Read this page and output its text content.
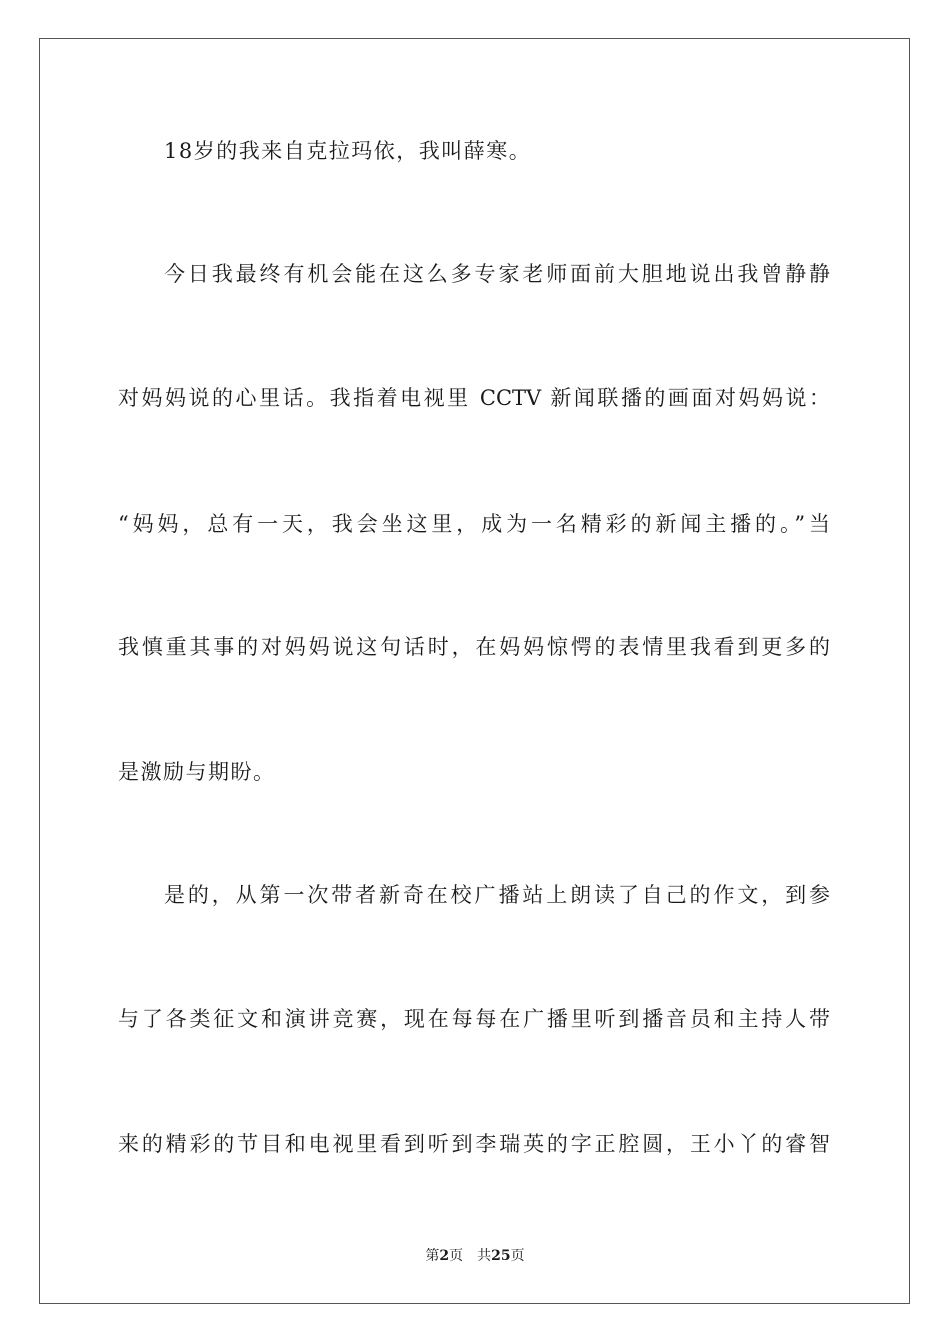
18岁的我来自克拉玛依，我叫薛寒。
今日我最终有机会能在这么多专家老师面前大胆地说出我曾静静
对妈妈说的心里话。我指着电视里 CCTV 新闻联播的画面对妈妈说：
“妈妈，总有一天，我会坐这里，成为一名精彩的新闻主播的。”当
我慎重其事的对妈妈说这句话时，在妈妈惊愕的表情里我看到更多的
是激励与期盼。
是的，从第一次带者新奇在校广播站上朗读了自己的作文，到参
与了各类征文和演讲竞赛，现在每每在广播里听到播音员和主持人带
来的精彩的节目和电视里看到听到李瑞英的字正腔圆，王小丫的睿智
第2页 共25页
